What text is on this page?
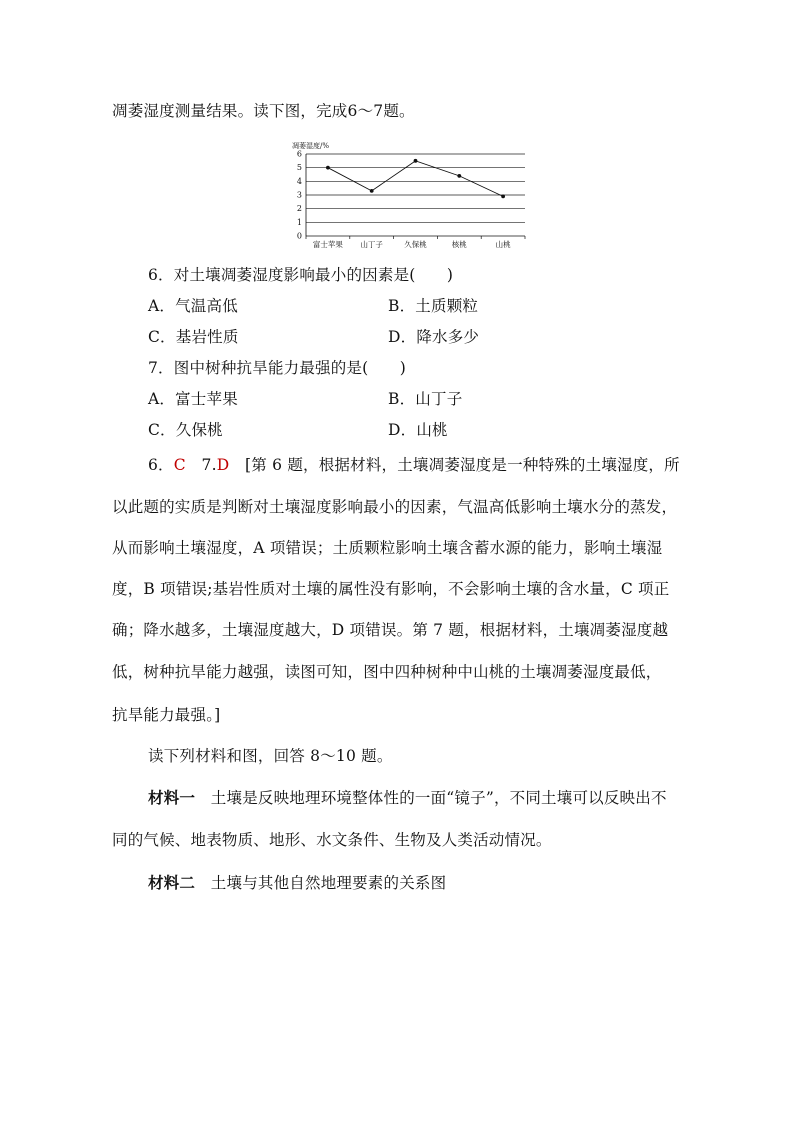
凋萎湿度测量结果。读下图，完成6～7题。
凋萎湿度/%
0
1
2
3
4
5
6
富士苹果 山丁子	久保桃	核桃	山桃
6．对土壤凋萎湿度影响最小的因素是(　　)
A．气温高低	B．土质颗粒
C．基岩性质	D．降水多少
7．图中树种抗旱能力最强的是(　　)
A．富士苹果	B．山丁子
C．久保桃	D．山桃
6．C　7.D　[第 6 题，根据材料，土壤凋萎湿度是一种特殊的土壤湿度，所
以此题的实质是判断对土壤湿度影响最小的因素，气温高低影响土壤水分的蒸发，
从而影响土壤湿度，A 项错误；土质颗粒影响土壤含蓄水源的能力，影响土壤湿
度，B 项错误;基岩性质对土壤的属性没有影响，不会影响土壤的含水量，C 项正
确；降水越多，土壤湿度越大，D 项错误。第 7 题，根据材料，土壤凋萎湿度越
低，树种抗旱能力越强，读图可知，图中四种树种中山桃的土壤凋萎湿度最低，
抗旱能力最强。]
读下列材料和图，回答 8～10 题。
材料一　土壤是反映地理环境整体性的一面“镜子”，不同土壤可以反映出不
同的气候、地表物质、地形、水文条件、生物及人类活动情况。
材料二　土壤与其他自然地理要素的关系图
